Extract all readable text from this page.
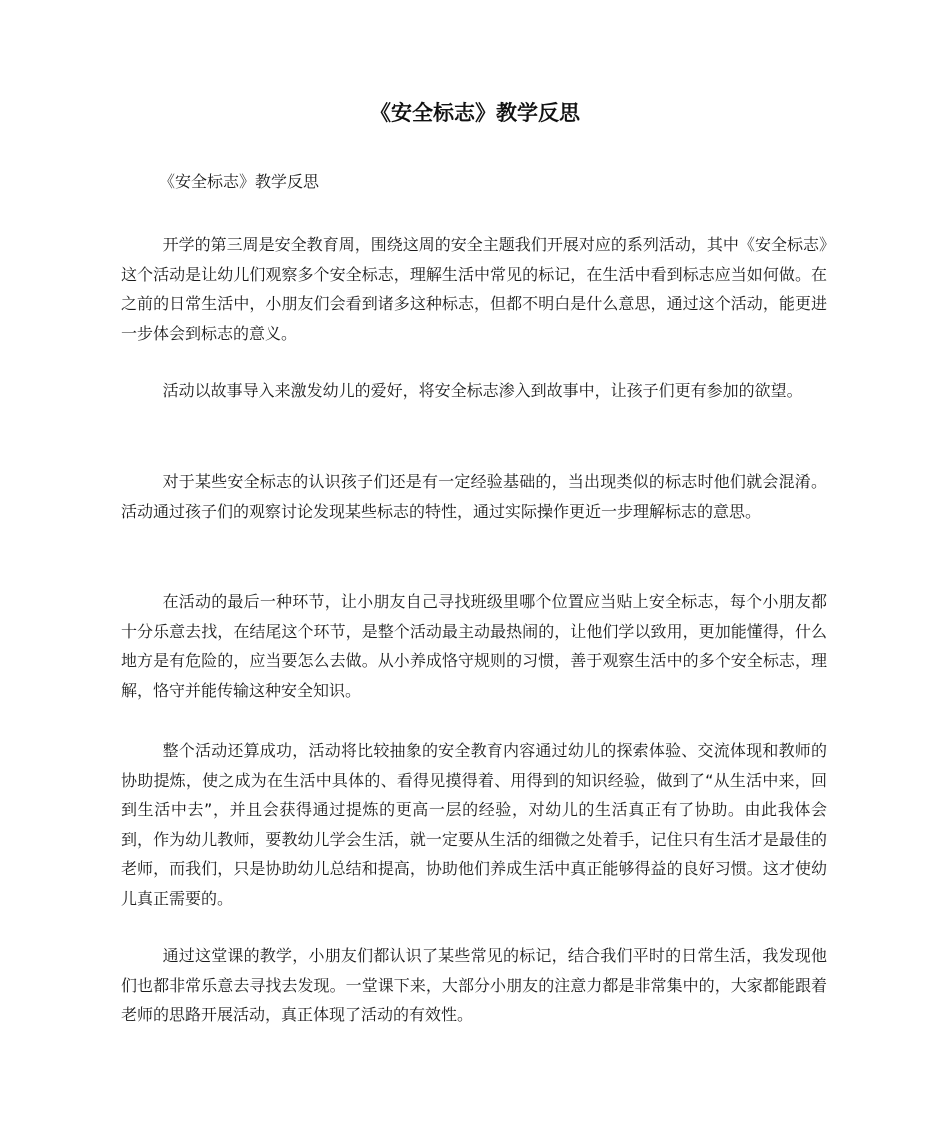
《安全标志》教学反思
《安全标志》教学反思

开学的第三周是安全教育周，围绕这周的安全主题我们开展对应的系列活动，其中《安全标志》这个活动是让幼儿们观察多个安全标志，理解生活中常见的标记，在生活中看到标志应当如何做。在之前的日常生活中，小朋友们会看到诸多这种标志，但都不明白是什么意思，通过这个活动，能更进一步体会到标志的意义。

活动以故事导入来激发幼儿的爱好，将安全标志渗入到故事中，让孩子们更有参加的欲望。

对于某些安全标志的认识孩子们还是有一定经验基础的，当出现类似的标志时他们就会混淆。活动通过孩子们的观察讨论发现某些标志的特性，通过实际操作更近一步理解标志的意思。

在活动的最后一种环节，让小朋友自己寻找班级里哪个位置应当贴上安全标志，每个小朋友都十分乐意去找，在结尾这个环节，是整个活动最主动最热闹的，让他们学以致用，更加能懂得，什么地方是有危险的，应当要怎么去做。从小养成恪守规则的习惯，善于观察生活中的多个安全标志，理解，恪守并能传输这种安全知识。

整个活动还算成功，活动将比较抽象的安全教育内容通过幼儿的探索体验、交流体现和教师的协助提炼，使之成为在生活中具体的、看得见摸得着、用得到的知识经验，做到了“从生活中来，回到生活中去”，并且会获得通过提炼的更高一层的经验，对幼儿的生活真正有了协助。由此我体会到，作为幼儿教师，要教幼儿学会生活，就一定要从生活的细微之处着手，记住只有生活才是最佳的老师，而我们，只是协助幼儿总结和提高，协助他们养成生活中真正能够得益的良好习惯。这才使幼儿真正需要的。

通过这堂课的教学，小朋友们都认识了某些常见的标记，结合我们平时的日常生活，我发现他们也都非常乐意去寻找去发现。一堂课下来，大部分小朋友的注意力都是非常集中的，大家都能跟着老师的思路开展活动，真正体现了活动的有效性。
